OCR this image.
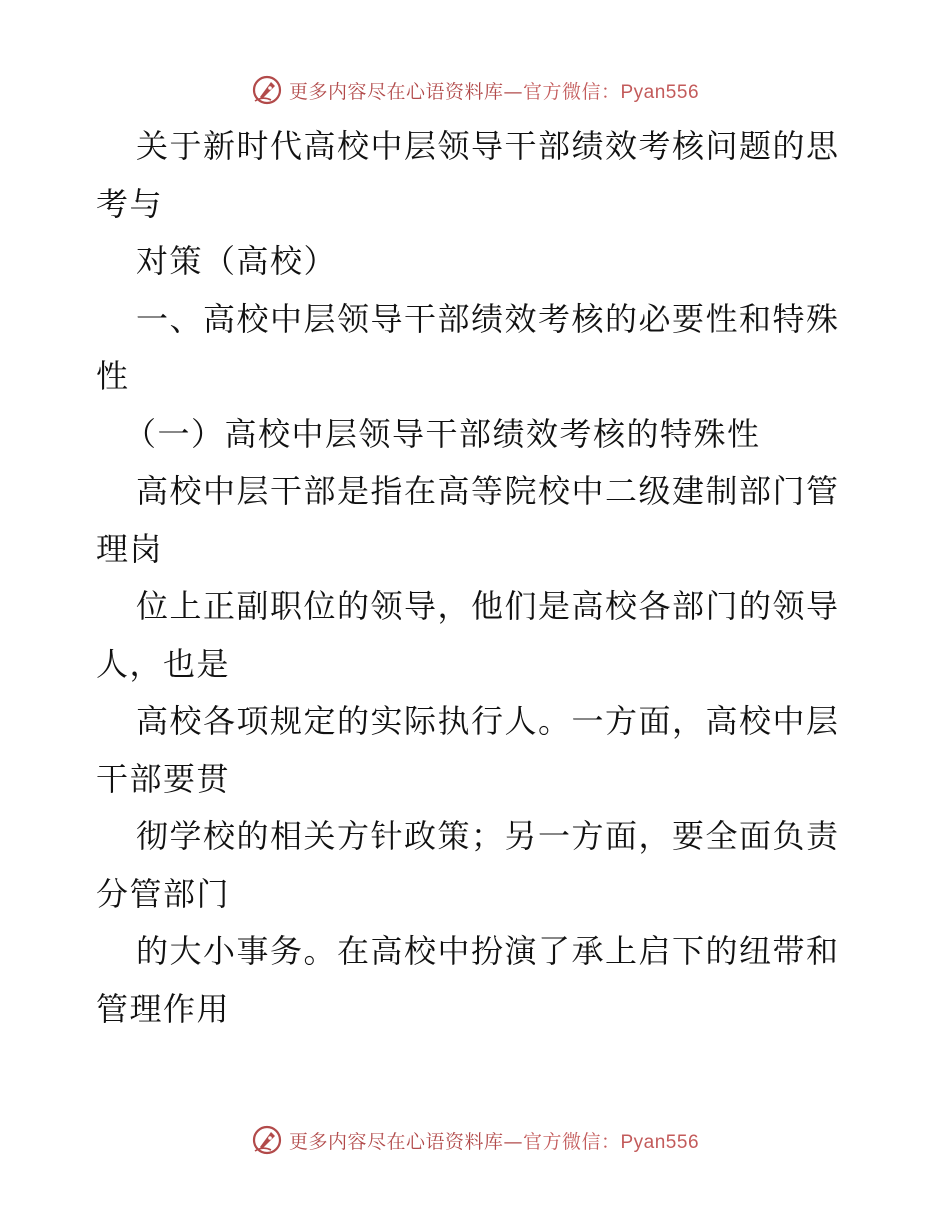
更多内容尽在心语资料库—官方微信：Pyan556
关于新时代高校中层领导干部绩效考核问题的思
考与
对策（高校）
一、高校中层领导干部绩效考核的必要性和特殊
性
（一）高校中层领导干部绩效考核的特殊性
高校中层干部是指在高等院校中二级建制部门管
理岗
位上正副职位的领导，他们是高校各部门的领导
人，也是
高校各项规定的实际执行人。一方面，高校中层
干部要贯
彻学校的相关方针政策；另一方面，要全面负责
分管部门
的大小事务。在高校中扮演了承上启下的纽带和
管理作用
更多内容尽在心语资料库—官方微信：Pyan556
